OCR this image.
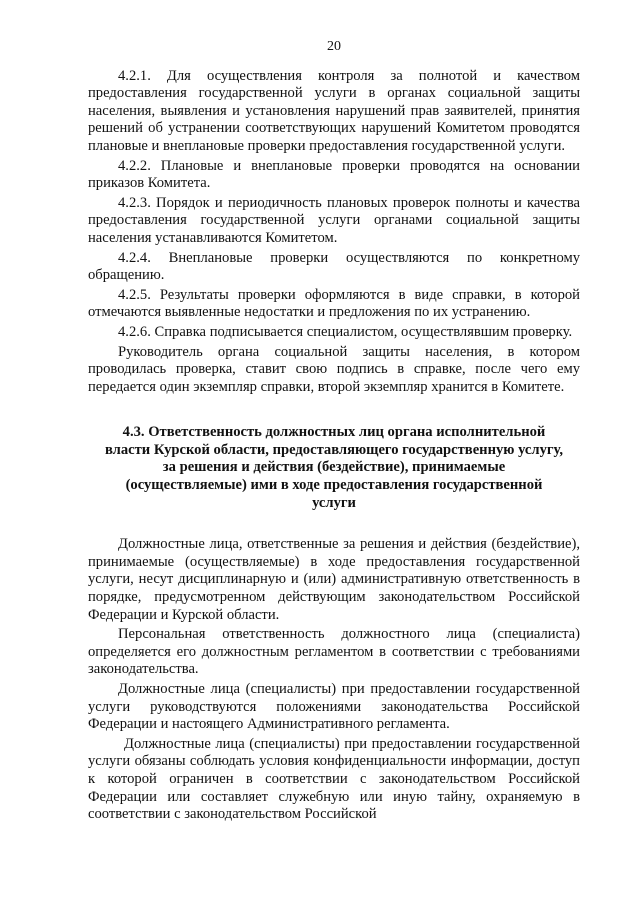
20

4.2.1. Для осуществления контроля за полнотой и качеством предоставления государственной услуги в органах социальной защиты населения, выявления и установления нарушений прав заявителей, принятия решений об устранении соответствующих нарушений Комитетом проводятся плановые и внеплановые проверки предоставления государственной услуги.

4.2.2. Плановые и внеплановые проверки проводятся на основании приказов Комитета.

4.2.3. Порядок и периодичность плановых проверок полноты и качества предоставления государственной услуги органами социальной защиты населения устанавливаются Комитетом.

4.2.4. Внеплановые проверки осуществляются по конкретному обращению.

4.2.5. Результаты проверки оформляются в виде справки, в которой отмечаются выявленные недостатки и предложения по их устранению.

4.2.6. Справка подписывается специалистом, осуществлявшим проверку.

Руководитель органа социальной защиты населения, в котором проводилась проверка, ставит свою подпись в справке, после чего ему передается один экземпляр справки, второй экземпляр хранится в Комитете.

4.3. Ответственность должностных лиц органа исполнительной власти Курской области, предоставляющего государственную услугу, за решения и действия (бездействие), принимаемые (осуществляемые) ими в ходе предоставления государственной услуги

Должностные лица, ответственные за решения и действия (бездействие), принимаемые (осуществляемые) в ходе предоставления государственной услуги, несут дисциплинарную и (или) административную ответственность в порядке, предусмотренном действующим законодательством Российской Федерации и Курской области.

Персональная ответственность должностного лица (специалиста) определяется его должностным регламентом в соответствии с требованиями законодательства.

Должностные лица (специалисты) при предоставлении государственной услуги руководствуются положениями законодательства Российской Федерации и настоящего Административного регламента.

Должностные лица (специалисты) при предоставлении государственной услуги обязаны соблюдать условия конфиденциальности информации, доступ к которой ограничен в соответствии с законодательством Российской Федерации или составляет служебную или иную тайну, охраняемую в соответствии с законодательством Российской
